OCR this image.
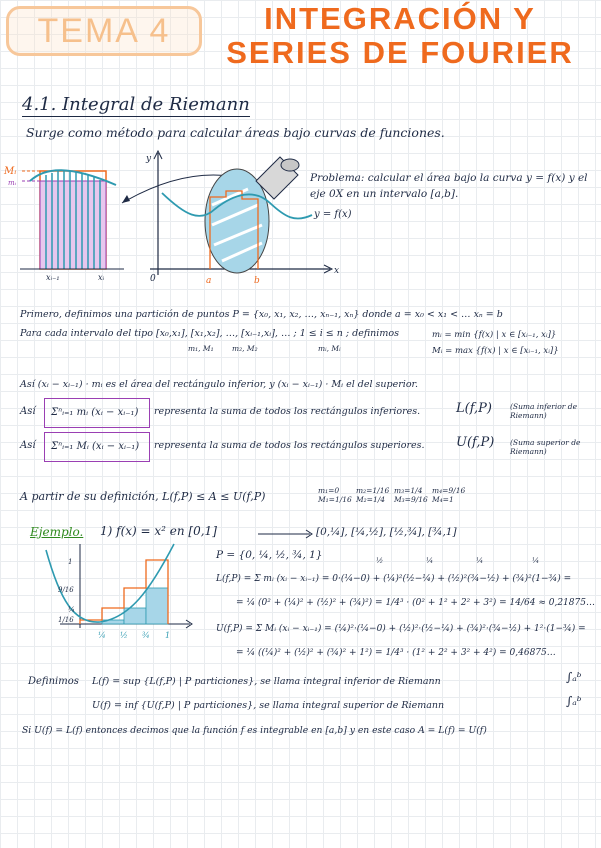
TEMA 4	INTEGRACIÓN Y
SERIES DE FOURIER
4.1. Integral de Riemann
Surge como método para calcular áreas bajo curvas de funciones.
Mᵢ
mᵢ
xᵢ₋₁	xᵢ	0
y
x
a	b
y = f(x)
Problema: calcular el área bajo la curva y = f(x) y el eje 0X en un intervalo [a,b].
Primero, definimos una partición de puntos P = {x₀, x₁, x₂, …, xₙ₋₁, xₙ} donde a = x₀ < x₁ < … xₙ = b
Para cada intervalo del tipo [x₀,x₁], [x₁,x₂], …, [xᵢ₋₁,xᵢ], … ; 1 ≤ i ≤ n ; definimos
m₁, M₁ m₂, M₂	mᵢ, Mᵢ
mᵢ = min {f(x) | x ∈ [xᵢ₋₁, xᵢ]}
Mᵢ = max {f(x) | x ∈ [xᵢ₋₁, xᵢ]}
Así (xᵢ − xᵢ₋₁) · mᵢ es el área del rectángulo inferior, y (xᵢ − xᵢ₋₁) · Mᵢ el del superior.
Así Σⁿᵢ₌₁ mᵢ (xᵢ − xᵢ₋₁)	representa la suma de todos los rectángulos inferiores.	L(f,P) (Suma inferior de Riemann)
Así Σⁿᵢ₌₁ Mᵢ (xᵢ − xᵢ₋₁)	representa la suma de todos los rectángulos superiores. U(f,P) (Suma superior de Riemann)
A partir de su definición, L(f,P) ≤ A ≤ U(f,P)	m₁=0 M₁=1/16
m₂=1/16 M₂=1/4
m₃=1/4 M₃=9/16
m₄=9/16 M₄=1
Ejemplo. 1) f(x) = x² en [0,1]	[0,¼], [¼,½], [½,¾], [¾,1]
¼ ½ ¾ 1
1
9/16
¼
1/16
P = {0, ¼, ½, ¾, 1}	½	¼	¼	¼
L(f,P) = Σ mᵢ (xᵢ − xᵢ₋₁) = 0·(¼−0) + (¼)²(½−¼) + (½)²(¾−½) + (¾)²(1−¾) =
= ¼ (0² + (¼)² + (½)² + (¾)²) = 1/4³ · (0² + 1² + 2² + 3²) = 14/64 ≈ 0,21875…
U(f,P) = Σ Mᵢ (xᵢ − xᵢ₋₁) = (¼)²·(¼−0) + (½)²·(½−¼) + (¾)²·(¾−½) + 1²·(1−¾) =
= ¼ ((¼)² + (½)² + (¾)² + 1²) = 1/4³ · (1² + 2² + 3² + 4²) = 0,46875…
Definimos L(f) = sup {L(f,P) | P particiones}, se llama integral inferior de Riemann	∫ₐᵇ
U(f) = inf {U(f,P) | P particiones}, se llama integral superior de Riemann	∫ₐᵇ
Si U(f) = L(f) entonces decimos que la función f es integrable en [a,b] y en este caso A = L(f) = U(f)
